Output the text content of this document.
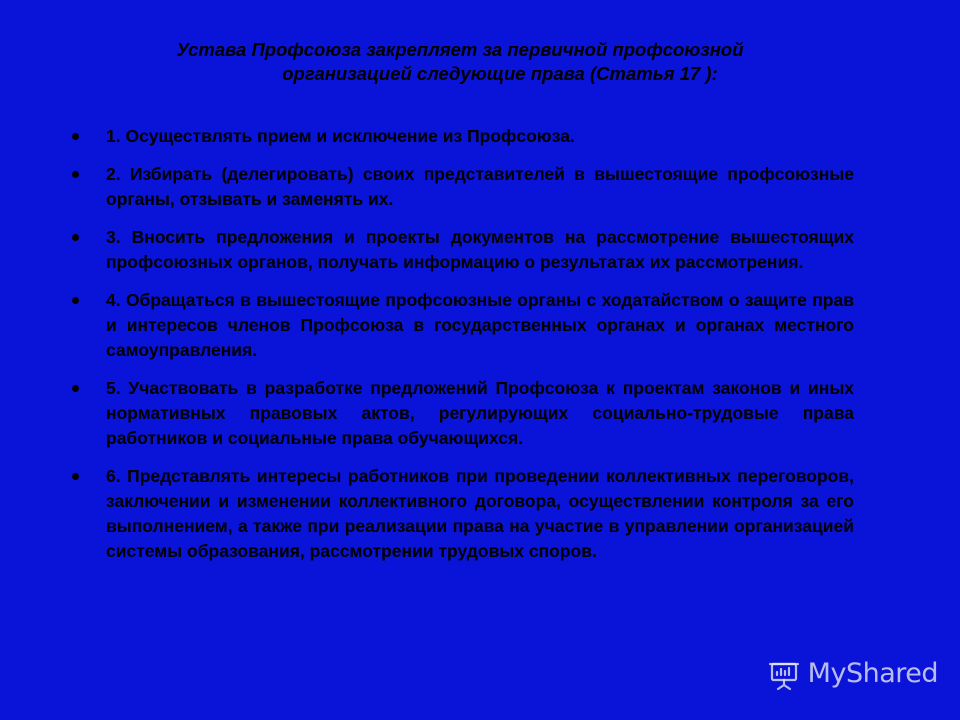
Устава Профсоюза закрепляет за первичной профсоюзной
организацией следующие права (Статья 17 ):
1. Осуществлять прием и исключение из Профсоюза.
2. Избирать (делегировать) своих представителей в вышестоящие профсоюзные органы, отзывать и заменять их.
3. Вносить предложения и проекты документов на рассмотрение вышестоящих профсоюзных органов, получать информацию о результатах их рассмотрения.
4. Обращаться в вышестоящие профсоюзные органы с ходатайством о защите прав и интересов членов Профсоюза в государственных органах и органах местного самоуправления.
5. Участвовать в разработке предложений Профсоюза к проектам законов и иных нормативных правовых актов, регулирующих социально-трудовые права работников и социальные права обучающихся.
6. Представлять интересы работников при проведении коллективных переговоров, заключении и изменении коллективного договора, осуществлении контроля за его выполнением, а также при реализации права на участие в управлении организацией системы образования, рассмотрении трудовых споров.
MyShared
